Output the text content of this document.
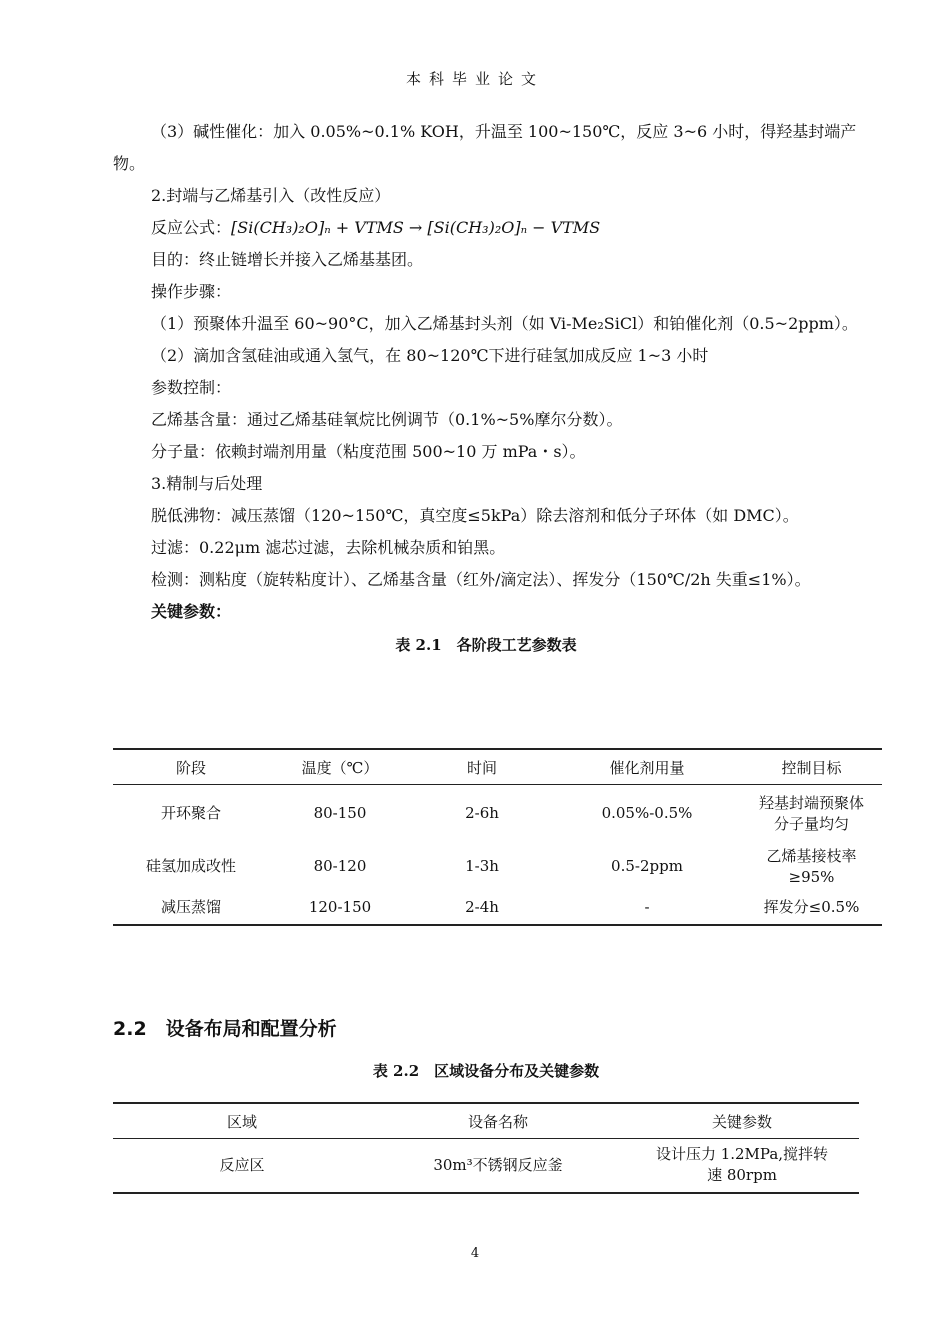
本科毕业论文

（3）碱性催化：加入 0.05%~0.1% KOH，升温至 100~150℃，反应 3~6 小时，得羟基封端产物。

2.封端与乙烯基引入（改性反应）

反应公式：[Si(CH₃)₂O]ₙ + VTMS → [Si(CH₃)₂O]ₙ − VTMS

目的：终止链增长并接入乙烯基基团。

操作步骤：

（1）预聚体升温至 60~90°C，加入乙烯基封头剂（如 Vi-Me₂SiCl）和铂催化剂（0.5~2ppm）。

（2）滴加含氢硅油或通入氢气，在 80~120℃下进行硅氢加成反应 1~3 小时

参数控制：

乙烯基含量：通过乙烯基硅氧烷比例调节（0.1%~5%摩尔分数）。

分子量：依赖封端剂用量（粘度范围 500~10 万 mPa・s）。

3.精制与后处理

脱低沸物：减压蒸馏（120~150℃，真空度≤5kPa）除去溶剂和低分子环体（如 DMC）。

过滤：0.22μm 滤芯过滤，去除机械杂质和铂黑。

检测：测粘度（旋转粘度计）、乙烯基含量（红外/滴定法）、挥发分（150℃/2h 失重≤1%）。

关键参数：

表 2.1　各阶段工艺参数表

阶段	温度（℃）	时间	催化剂用量	控制目标
开环聚合	80-150	2-6h	0.05%-0.5%	羟基封端预聚体分子量均匀
硅氢加成改性	80-120	1-3h	0.5-2ppm	乙烯基接枝率≥95%
减压蒸馏	120-150	2-4h	-	挥发分≤0.5%
2.2　设备布局和配置分析

表 2.2　区域设备分布及关键参数

区域	设备名称	关键参数
反应区	30m³不锈钢反应釜	设计压力 1.2MPa,搅拌转速 80rpm
4
